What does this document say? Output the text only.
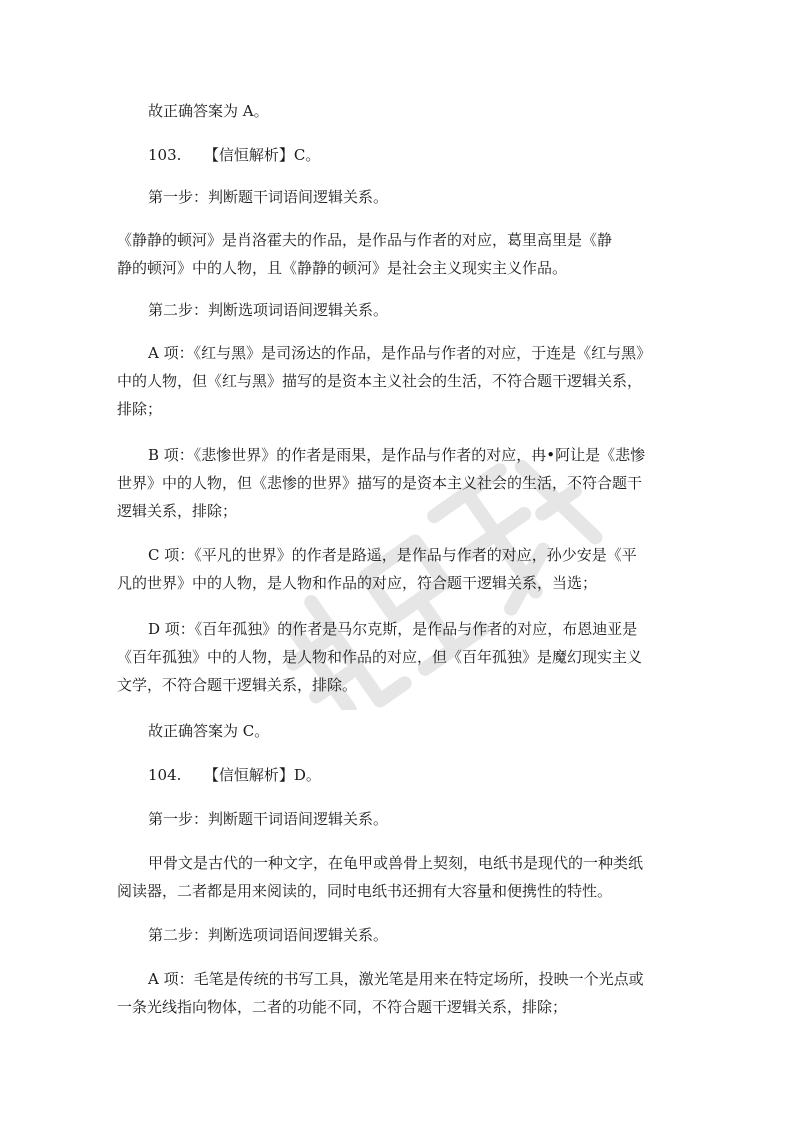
故正确答案为 A。

103.　　【信恒解析】C。

第一步：判断题干词语间逻辑关系。

《静静的顿河》是肖洛霍夫的作品，是作品与作者的对应，葛里高里是《静

静的顿河》中的人物，且《静静的顿河》是社会主义现实主义作品。

第二步：判断选项词语间逻辑关系。

A 项：《红与黑》是司汤达的作品，是作品与作者的对应，于连是《红与黑》

中的人物，但《红与黑》描写的是资本主义社会的生活，不符合题干逻辑关系，

排除；

B 项：《悲惨世界》的作者是雨果，是作品与作者的对应，冉•阿让是《悲惨

世界》中的人物，但《悲惨的世界》描写的是资本主义社会的生活，不符合题干

逻辑关系，排除；

C 项：《平凡的世界》的作者是路遥，是作品与作者的对应，孙少安是《平

凡的世界》中的人物，是人物和作品的对应，符合题干逻辑关系，当选；

D 项：《百年孤独》的作者是马尔克斯，是作品与作者的对应，布恩迪亚是

《百年孤独》中的人物，是人物和作品的对应，但《百年孤独》是魔幻现实主义

文学，不符合题干逻辑关系，排除。

故正确答案为 C。

104.　　【信恒解析】D。

第一步：判断题干词语间逻辑关系。

甲骨文是古代的一种文字，在龟甲或兽骨上契刻，电纸书是现代的一种类纸

阅读器，二者都是用来阅读的，同时电纸书还拥有大容量和便携性的特性。

第二步：判断选项词语间逻辑关系。

A 项：毛笔是传统的书写工具，激光笔是用来在特定场所，投映一个光点或

一条光线指向物体，二者的功能不同，不符合题干逻辑关系，排除；
